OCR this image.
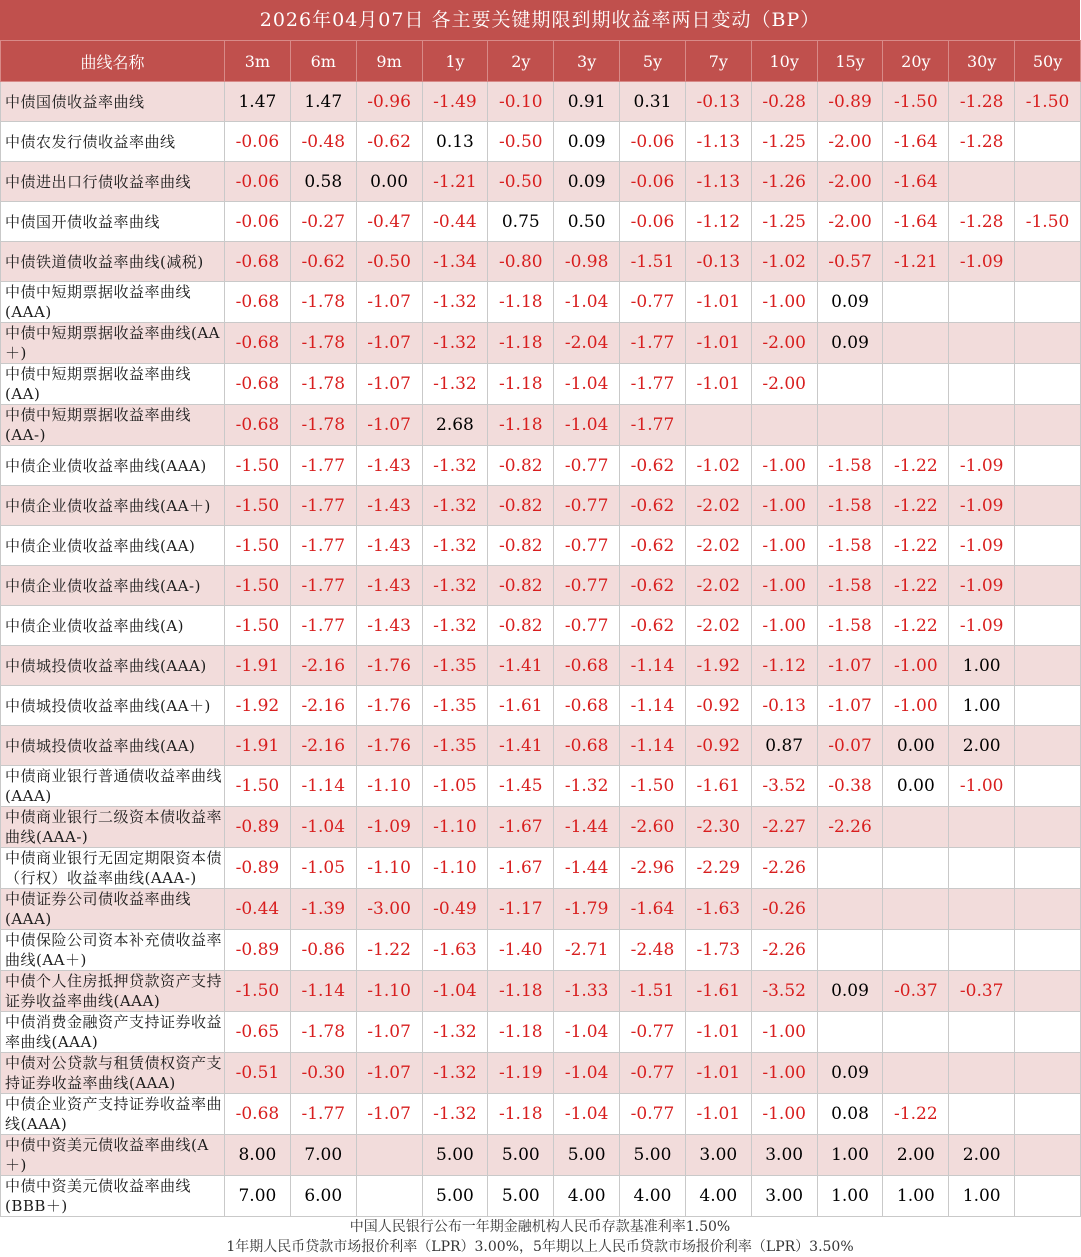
2026年04月07日 各主要关键期限到期收益率两日变动（BP）
曲线名称	3m	6m	9m	1y	2y	3y	5y	7y	10y	15y	20y	30y	50y
中债国债收益率曲线	1.47	1.47	-0.96	-1.49	-0.10	0.91	0.31	-0.13	-0.28	-0.89	-1.50	-1.28	-1.50
中债农发行债收益率曲线	-0.06	-0.48	-0.62	0.13	-0.50	0.09	-0.06	-1.13	-1.25	-2.00	-1.64	-1.28	
中债进出口行债收益率曲线	-0.06	0.58	0.00	-1.21	-0.50	0.09	-0.06	-1.13	-1.26	-2.00	-1.64		
中债国开债收益率曲线	-0.06	-0.27	-0.47	-0.44	0.75	0.50	-0.06	-1.12	-1.25	-2.00	-1.64	-1.28	-1.50
中债铁道债收益率曲线(减税)	-0.68	-0.62	-0.50	-1.34	-0.80	-0.98	-1.51	-0.13	-1.02	-0.57	-1.21	-1.09	
中债中短期票据收益率曲线(AAA)	-0.68	-1.78	-1.07	-1.32	-1.18	-1.04	-0.77	-1.01	-1.00	0.09			
中债中短期票据收益率曲线(AA＋)	-0.68	-1.78	-1.07	-1.32	-1.18	-2.04	-1.77	-1.01	-2.00	0.09			
中债中短期票据收益率曲线(AA)	-0.68	-1.78	-1.07	-1.32	-1.18	-1.04	-1.77	-1.01	-2.00				
中债中短期票据收益率曲线(AA-)	-0.68	-1.78	-1.07	2.68	-1.18	-1.04	-1.77						
中债企业债收益率曲线(AAA)	-1.50	-1.77	-1.43	-1.32	-0.82	-0.77	-0.62	-1.02	-1.00	-1.58	-1.22	-1.09	
中债企业债收益率曲线(AA＋)	-1.50	-1.77	-1.43	-1.32	-0.82	-0.77	-0.62	-2.02	-1.00	-1.58	-1.22	-1.09	
中债企业债收益率曲线(AA)	-1.50	-1.77	-1.43	-1.32	-0.82	-0.77	-0.62	-2.02	-1.00	-1.58	-1.22	-1.09	
中债企业债收益率曲线(AA-)	-1.50	-1.77	-1.43	-1.32	-0.82	-0.77	-0.62	-2.02	-1.00	-1.58	-1.22	-1.09	
中债企业债收益率曲线(A)	-1.50	-1.77	-1.43	-1.32	-0.82	-0.77	-0.62	-2.02	-1.00	-1.58	-1.22	-1.09	
中债城投债收益率曲线(AAA)	-1.91	-2.16	-1.76	-1.35	-1.41	-0.68	-1.14	-1.92	-1.12	-1.07	-1.00	1.00	
中债城投债收益率曲线(AA＋)	-1.92	-2.16	-1.76	-1.35	-1.61	-0.68	-1.14	-0.92	-0.13	-1.07	-1.00	1.00	
中债城投债收益率曲线(AA)	-1.91	-2.16	-1.76	-1.35	-1.41	-0.68	-1.14	-0.92	0.87	-0.07	0.00	2.00	
中债商业银行普通债收益率曲线(AAA)	-1.50	-1.14	-1.10	-1.05	-1.45	-1.32	-1.50	-1.61	-3.52	-0.38	0.00	-1.00	
中债商业银行二级资本债收益率曲线(AAA-)	-0.89	-1.04	-1.09	-1.10	-1.67	-1.44	-2.60	-2.30	-2.27	-2.26			
中债商业银行无固定期限资本债（行权）收益率曲线(AAA-)	-0.89	-1.05	-1.10	-1.10	-1.67	-1.44	-2.96	-2.29	-2.26				
中债证券公司债收益率曲线(AAA)	-0.44	-1.39	-3.00	-0.49	-1.17	-1.79	-1.64	-1.63	-0.26				
中债保险公司资本补充债收益率曲线(AA＋)	-0.89	-0.86	-1.22	-1.63	-1.40	-2.71	-2.48	-1.73	-2.26				
中债个人住房抵押贷款资产支持证券收益率曲线(AAA)	-1.50	-1.14	-1.10	-1.04	-1.18	-1.33	-1.51	-1.61	-3.52	0.09	-0.37	-0.37	
中债消费金融资产支持证券收益率曲线(AAA)	-0.65	-1.78	-1.07	-1.32	-1.18	-1.04	-0.77	-1.01	-1.00				
中债对公贷款与租赁债权资产支持证券收益率曲线(AAA)	-0.51	-0.30	-1.07	-1.32	-1.19	-1.04	-0.77	-1.01	-1.00	0.09			
中债企业资产支持证券收益率曲线(AAA)	-0.68	-1.77	-1.07	-1.32	-1.18	-1.04	-0.77	-1.01	-1.00	0.08	-1.22		
中债中资美元债收益率曲线(A＋)	8.00	7.00		5.00	5.00	5.00	5.00	3.00	3.00	1.00	2.00	2.00	
中债中资美元债收益率曲线(BBB＋)	7.00	6.00		5.00	5.00	4.00	4.00	4.00	3.00	1.00	1.00	1.00	
中国人民银行公布一年期金融机构人民币存款基准利率1.50%
1年期人民币贷款市场报价利率（LPR）3.00%，5年期以上人民币贷款市场报价利率（LPR）3.50%
